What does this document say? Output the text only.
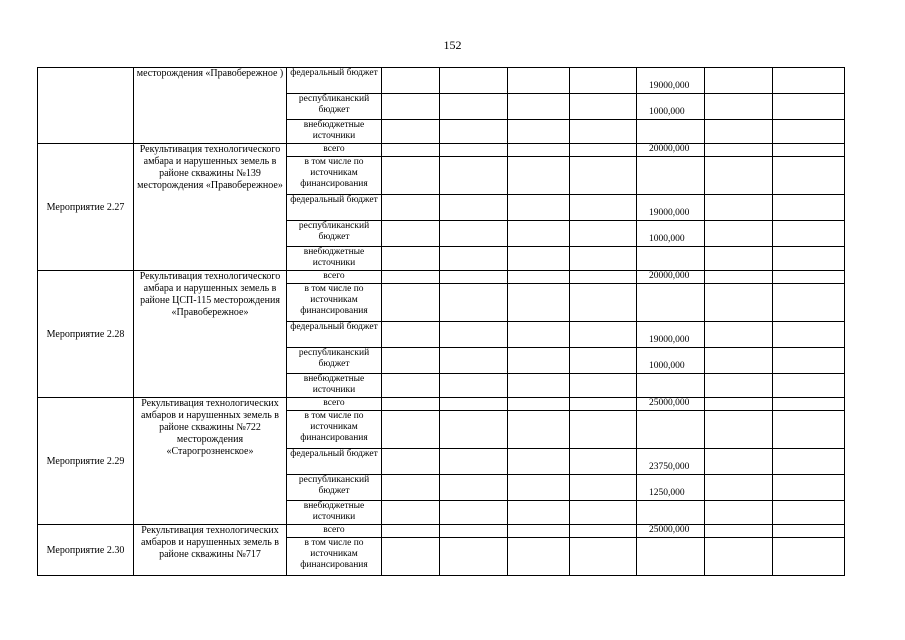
152
	месторождения «Правобережное )	федеральный бюджет					19000,000		
		республиканский бюджет					1000,000		
		внебюджетные источники							
Мероприятие 2.27	Рекультивация технологического амбара и нарушенных земель в районе скважины №139 месторождения «Правобережное»	всего					20000,000		
		в том числе по источникам финансирования							
		федеральный бюджет					19000,000		
		республиканский бюджет					1000,000		
		внебюджетные источники							
Мероприятие 2.28	Рекультивация технологического амбара и нарушенных земель в районе ЦСП-115 месторождения «Правобережное»	всего					20000,000		
		в том числе по источникам финансирования							
		федеральный бюджет					19000,000		
		республиканский бюджет					1000,000		
		внебюджетные источники							
Мероприятие 2.29	Рекультивация технологических амбаров и нарушенных земель в районе скважины №722 месторождения «Старогрозненское»	всего					25000,000		
		в том числе по источникам финансирования							
		федеральный бюджет					23750,000		
		республиканский бюджет					1250,000		
		внебюджетные источники							
Мероприятие 2.30	Рекультивация технологических амбаров и нарушенных земель в районе скважины №717	всего					25000,000		
		в том числе по источникам финансирования							
